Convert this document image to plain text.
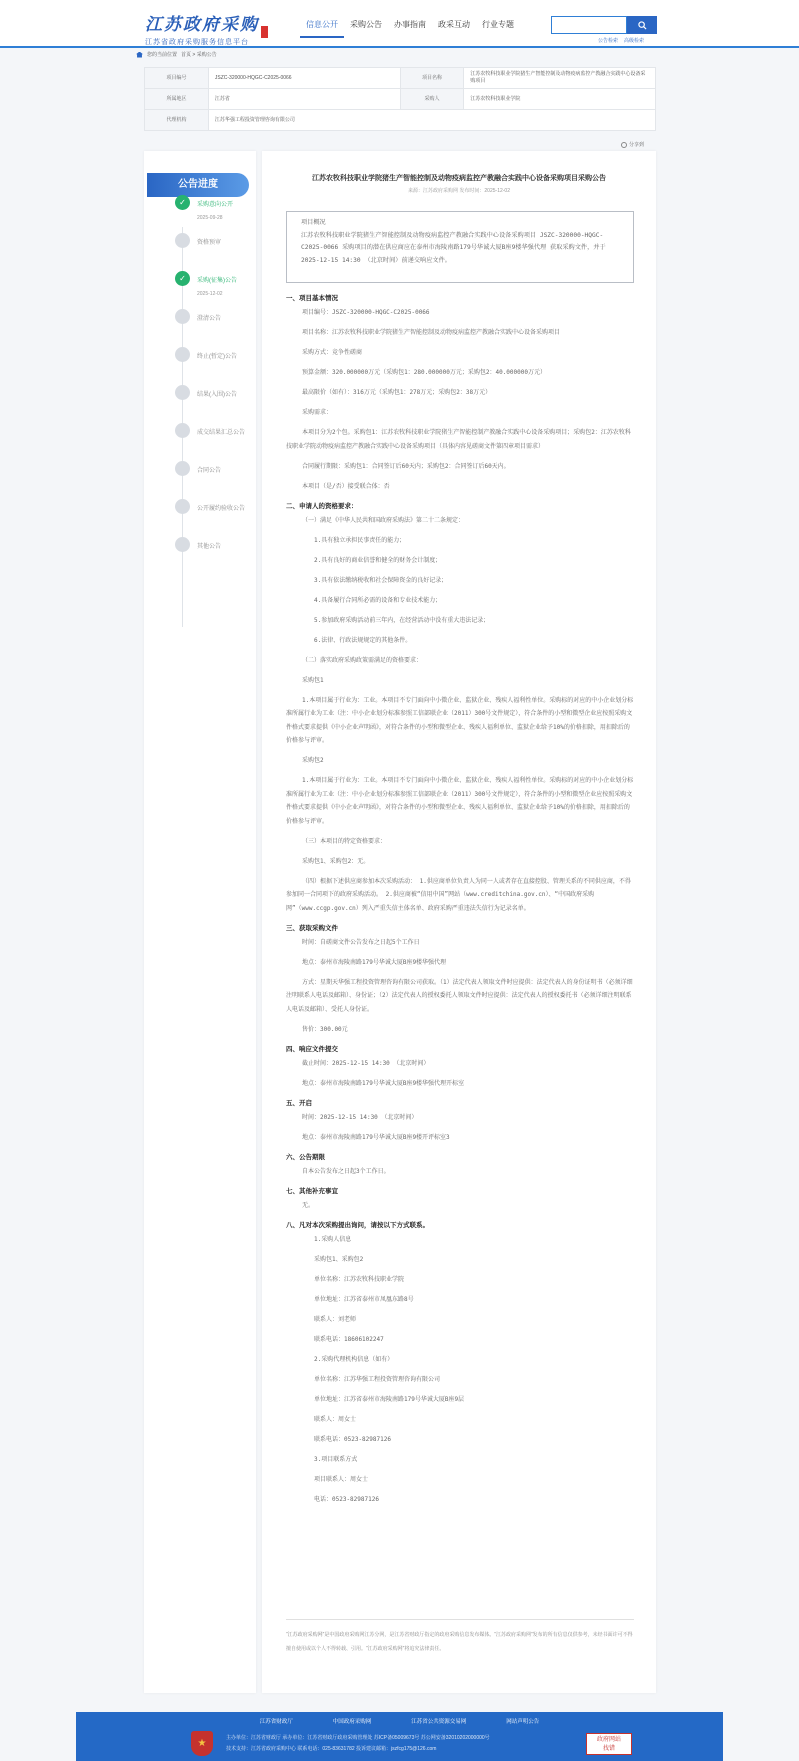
江苏政府采购
江苏省政府采购服务信息平台
信息公开	采购公告	办事指南	政采互动	行业专题
公告检索 高级检索
您的当前位置 首页 > 采购公告
项目编号	JSZC-320000-HQGC-C2025-0066	项目名称	江苏农牧科技职业学院猪生产智能控制及动物疫病监控产教融合实践中心设备采购项目
所属地区	江苏省	采购人	江苏农牧科技职业学院
代理机构	江苏华强工程投资管理咨询有限公司		
分享到
公告进度
✓	采购意向公开
2025-09-28
资格预审
✓	采购(征集)公告
2025-12-02
澄清公告
终止(暂定)公告
结果(入围)公告
成交结果汇总公告
合同公告
公开履约验收公告
其他公告
江苏农牧科技职业学院猪生产智能控制及动物疫病监控产教融合实践中心设备采购项目采购公告
来源：江苏政府采购网 发布时间：2025-12-02
项目概况
江苏农牧科技职业学院猪生产智能控制及动物疫病监控产教融合实践中心设备采购项目 JSZC-320000-HQGC-C2025-0066 采购项目的潜在供应商应在泰州市海陵南路179号华诚大厦B座9楼华强代理 获取采购文件，并于2025-12-15 14:30 （北京时间）前递交响应文件。
一、项目基本情况
项目编号：JSZC-320000-HQGC-C2025-0066
项目名称：江苏农牧科技职业学院猪生产智能控制及动物疫病监控产教融合实践中心设备采购项目
采购方式：竞争性磋商
预算金额：320.000000万元（采购包1：280.000000万元；采购包2：40.000000万元）
最高限价（如有）：316万元（采购包1：278万元；采购包2：38万元）
采购需求：
本项目分为2个包。采购包1：江苏农牧科技职业学院猪生产智能控制产教融合实践中心设备采购项目；采购包2：江苏农牧科技职业学院动物疫病监控产教融合实践中心设备采购项目（具体内容见磋商文件第四章项目需求）
合同履行期限：采购包1：合同签订后60天内；采购包2：合同签订后60天内。
本项目（是/否）接受联合体：否
二、申请人的资格要求：
（一）满足《中华人民共和国政府采购法》第二十二条规定：
1.具有独立承担民事责任的能力；
2.具有良好的商业信誉和健全的财务会计制度；
3.具有依法缴纳税收和社会保障资金的良好记录；
4.具备履行合同所必需的设备和专业技术能力；
5.参加政府采购活动前三年内，在经营活动中没有重大违法记录；
6.法律、行政法规规定的其他条件。
（二）落实政府采购政策需满足的资格要求：
采购包1
1.本项目属于行业为：工业。本项目不专门面向中小微企业、监狱企业、残疾人福利性单位。采购标的对应的中小企业划分标准所属行业为工业（注：中小企业划分标准参照工信部联企业（2011）300号文件规定），符合条件的小型和微型企业应按照采购文件格式要求提供《中小企业声明函》，对符合条件的小型和微型企业、残疾人福利单位、监狱企业给予10%的价格扣除，用扣除后的价格参与评审。
采购包2
1.本项目属于行业为：工业。本项目不专门面向中小微企业、监狱企业、残疾人福利性单位。采购标的对应的中小企业划分标准所属行业为工业（注：中小企业划分标准参照工信部联企业（2011）300号文件规定），符合条件的小型和微型企业应按照采购文件格式要求提供《中小企业声明函》，对符合条件的小型和微型企业、残疾人福利单位、监狱企业给予10%的价格扣除，用扣除后的价格参与评审。
（三）本项目的特定资格要求：
采购包1、采购包2：无。
（四）根据下述供应商参加本次采购活动： 1.供应商单位负责人为同一人或者存在直接控股、管理关系的不同供应商，不得参加同一合同项下的政府采购活动。 2.供应商被“信用中国”网站（www.creditchina.gov.cn）、“中国政府采购网”（www.ccgp.gov.cn）列入严重失信主体名单、政府采购严重违法失信行为记录名单。
三、获取采购文件
时间：自磋商文件公告发布之日起5个工作日
地点：泰州市海陵南路179号华诚大厦B座9楼华强代理
方式：星期天华强工程投资管理咨询有限公司获取。（1）法定代表人领取文件时应提供：法定代表人的身份证明书（必须详细注明联系人电话及邮箱）、身份证；（2）法定代表人的授权委托人领取文件时应提供：法定代表人的授权委托书（必须详细注明联系人电话及邮箱）、受托人身份证。
售价：300.00元
四、响应文件提交
截止时间：2025-12-15 14:30 （北京时间）
地点：泰州市海陵南路179号华诚大厦B座9楼华强代理开标室
五、开启
时间：2025-12-15 14:30 （北京时间）
地点：泰州市海陵南路179号华诚大厦B座9楼开评标室3
六、公告期限
自本公告发布之日起3个工作日。
七、其他补充事宜
无。
八、凡对本次采购提出询问，请按以下方式联系。
1.采购人信息
采购包1、采购包2
单位名称：江苏农牧科技职业学院
单位地址：江苏省泰州市凤凰东路8号
联系人：刘老师
联系电话：18606102247
2.采购代理机构信息（如有）
单位名称：江苏华强工程投资管理咨询有限公司
单位地址：江苏省泰州市海陵南路179号华诚大厦B座9层
联系人：周女士
联系电话：0523-82987126
3.项目联系方式
项目联系人：周女士
电话：0523-82987126
“江苏政府采购网”是中国政府采购网江苏分网，是江苏省财政厅指定的政府采购信息发布媒体。“江苏政府采购网”发布的所有信息仅供参考，未经书面许可不得擅自使用或以个人不得转载、引用。“江苏政府采购网”将追究法律责任。
江苏省财政厅	中国政府采购网	江苏省公共资源交易网	网站声明公告
★	主办单位：江苏省财政厅 承办单位：江苏省财政厅政府采购管理处 苏ICP备05009673号 苏公网安备32010202000000号
技术支持：江苏省政府采购中心 联系电话：025-83631782 投诉建议邮箱：jszfcg175@126.com
政府网站
找错
